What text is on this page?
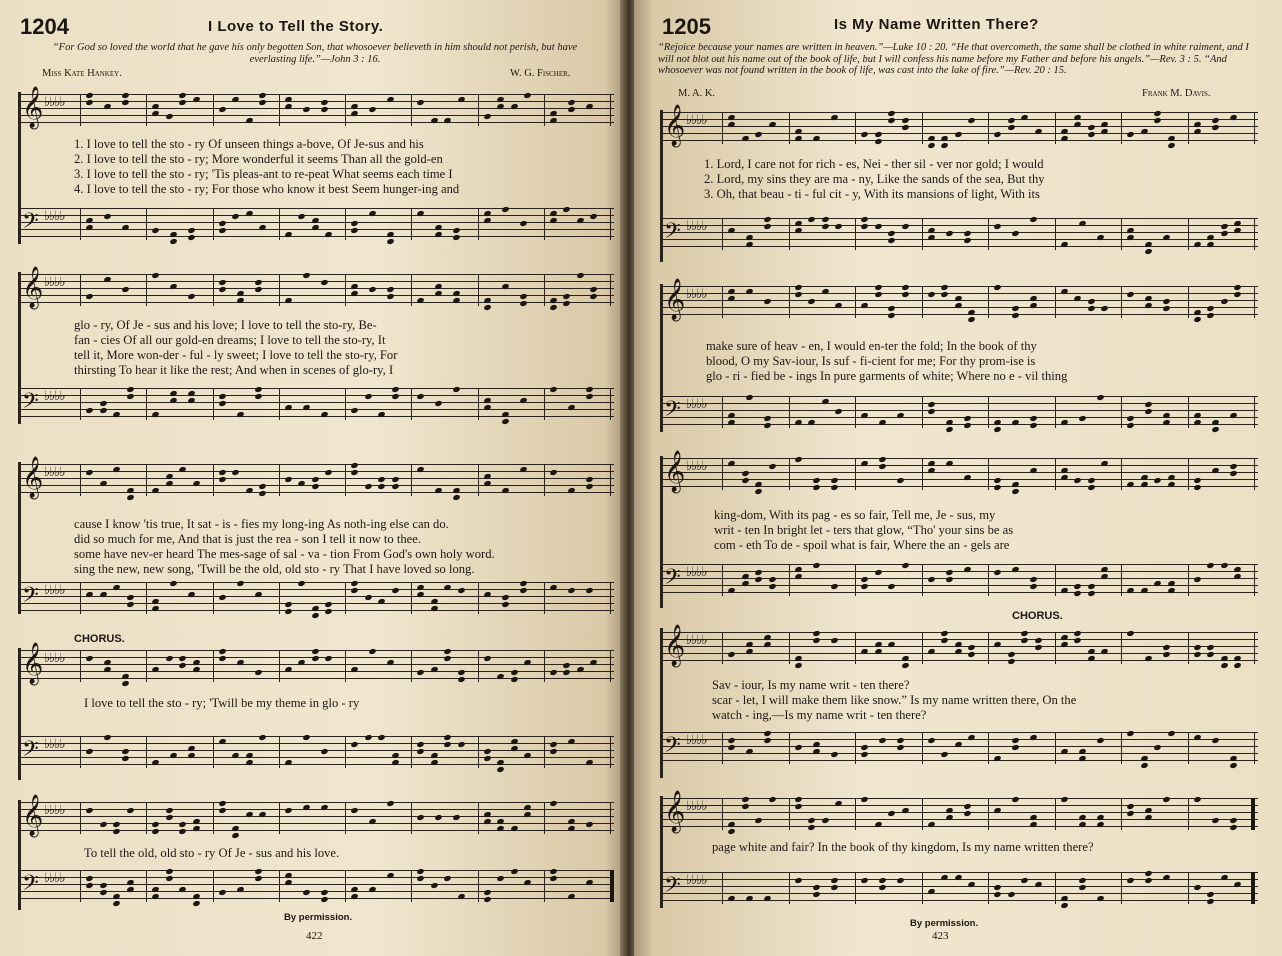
1204	I Love to Tell the Story.
“For God so loved the world that he gave his only begotten Son, that whosoever believeth in him should not perish, but have everlasting life.”—John 3 : 16.
Miss Kate Hankey.	W. G. Fischer.
𝄞 ♭♭♭♭
1. I love to tell the sto - ry Of unseen things a-bove, Of Je-sus and his
2. I love to tell the sto - ry; More wonderful it seems Than all the gold-en
3. I love to tell the sto - ry; 'Tis pleas-ant to re-peat What seems each time I
4. I love to tell the sto - ry; For those who know it best Seem hunger-ing and
𝄢 ♭♭♭♭
𝄞 ♭♭♭♭
glo - ry, Of Je - sus and his love; I love to tell the sto-ry, Be-
fan - cies Of all our gold-en dreams; I love to tell the sto-ry, It
tell it, More won-der - ful - ly sweet; I love to tell the sto-ry, For
thirsting To hear it like the rest; And when in scenes of glo-ry, I
𝄢 ♭♭♭♭
𝄞 ♭♭♭♭
cause I know 'tis true, It sat - is - fies my long-ing As noth-ing else can do.
did so much for me, And that is just the rea - son I tell it now to thee.
some have nev-er heard The mes-sage of sal - va - tion From God's own holy word.
sing the new, new song, 'Twill be the old, old sto - ry That I have loved so long.
𝄢 ♭♭♭♭
CHORUS.
𝄞 ♭♭♭♭
I love to tell the sto - ry; 'Twill be my theme in glo - ry
𝄢 ♭♭♭♭
𝄞 ♭♭♭♭
To tell the old, old sto - ry Of Je - sus and his love.
𝄢 ♭♭♭♭
By permission.
422
1205	Is My Name Written There?
“Rejoice because your names are written in heaven.”—Luke 10 : 20. “He that overcometh, the same shall be clothed in white raiment, and I will not blot out his name out of the book of life, but I will confess his name before my Father and before his angels.”—Rev. 3 : 5. “And whosoever was not found written in the book of life, was cast into the lake of fire.”—Rev. 20 : 15.
M. A. K.	Frank M. Davis.
𝄞 ♭♭♭♭
1. Lord, I care not for rich - es, Nei - ther sil - ver nor gold; I would
2. Lord, my sins they are ma - ny, Like the sands of the sea, But thy
3. Oh, that beau - ti - ful cit - y, With its mansions of light, With its
𝄢 ♭♭♭♭
𝄞 ♭♭♭♭
make sure of heav - en, I would en-ter the fold; In the book of thy
blood, O my Sav-iour, Is suf - fi-cient for me; For thy prom-ise is
glo - ri - fied be - ings In pure garments of white; Where no e - vil thing
𝄢 ♭♭♭♭
𝄞 ♭♭♭♭
king-dom, With its pag - es so fair, Tell me, Je - sus, my
writ - ten In bright let - ters that glow, “Tho' your sins be as
com - eth To de - spoil what is fair, Where the an - gels are
𝄢 ♭♭♭♭
CHORUS.
𝄞 ♭♭♭♭
Sav - iour, Is my name writ - ten there?
scar - let, I will make them like snow.” Is my name written there, On the
watch - ing,—Is my name writ - ten there?
𝄢 ♭♭♭♭
𝄞 ♭♭♭♭
page white and fair? In the book of thy kingdom, Is my name written there?
𝄢 ♭♭♭♭
By permission.
423
